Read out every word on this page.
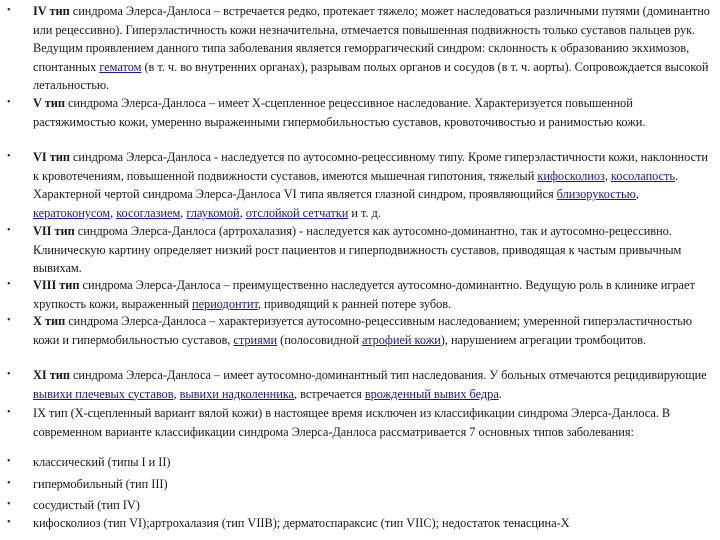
• IV тип синдрома Элерса-Данлоса – встречается редко, протекает тяжело; может наследоваться различными путями (доминантно или рецессивно). Гиперэластичность кожи незначительна, отмечается повышенная подвижность только суставов пальцев рук. Ведущим проявлением данного типа заболевания является геморрагический синдром: склонность к образованию экхимозов, спонтанных гематом (в т. ч. во внутренних органах), разрывам полых органов и сосудов (в т. ч. аорты). Сопровождается высокой летальностью.
• V тип синдрома Элерса-Данлоса – имеет Х-сцепленное рецессивное наследование. Характеризуется повышенной растяжимостью кожи, умеренно выраженными гипермобильностью суставов, кровоточивостью и ранимостью кожи.
• VI тип синдрома Элерса-Данлоса - наследуется по аутосомно-рецессивному типу. Кроме гиперэластичности кожи, наклонности к кровотечениям, повышенной подвижности суставов, имеются мышечная гипотония, тяжелый кифосколиоз, косолапость. Характерной чертой синдрома Элерса-Данлоса VI типа является глазной синдром, проявляющийся близорукостью, кератоконусом, косоглазием, глаукомой, отслойкой сетчатки и т. д.
• VII тип синдрома Элерса-Данлоса (артрохалазия) - наследуется как аутосомно-доминантно, так и аутосомно-рецессивно. Клиническую картину определяет низкий рост пациентов и гиперподвижность суставов, приводящая к частым привычным вывихам.
• VIII тип синдрома Элерса-Данлоса – преимущественно наследуется аутосомно-доминантно. Ведущую роль в клинике играет хрупкость кожи, выраженный периодонтит, приводящий к ранней потере зубов.
• X тип синдрома Элерса-Данлоса – характеризуется аутосомно-рецессивным наследованием; умеренной гиперэластичностью кожи и гипермобильностью суставов, стриями (полосовидной атрофией кожи), нарушением агрегации тромбоцитов.
• XI тип синдрома Элерса-Данлоса – имеет аутосомно-доминантный тип наследования. У больных отмечаются рецидивирующие вывихи плечевых суставов, вывихи надколенника, встречается врожденный вывих бедра.
• IX тип (Х-сцепленный вариант вялой кожи) в настоящее время исключен из классификации синдрома Элерса-Данлоса. В современном варианте классификации синдрома Элерса-Данлоса рассматривается 7 основных типов заболевания:
• классический (типы I и II)
• гипермобильный (тип III)
• сосудистый (тип IV)
• кифосколиоз (тип VI);артрохалазия (тип VIIB); дерматоспараксис (тип VIIC); недостаток тенасцина-Х
